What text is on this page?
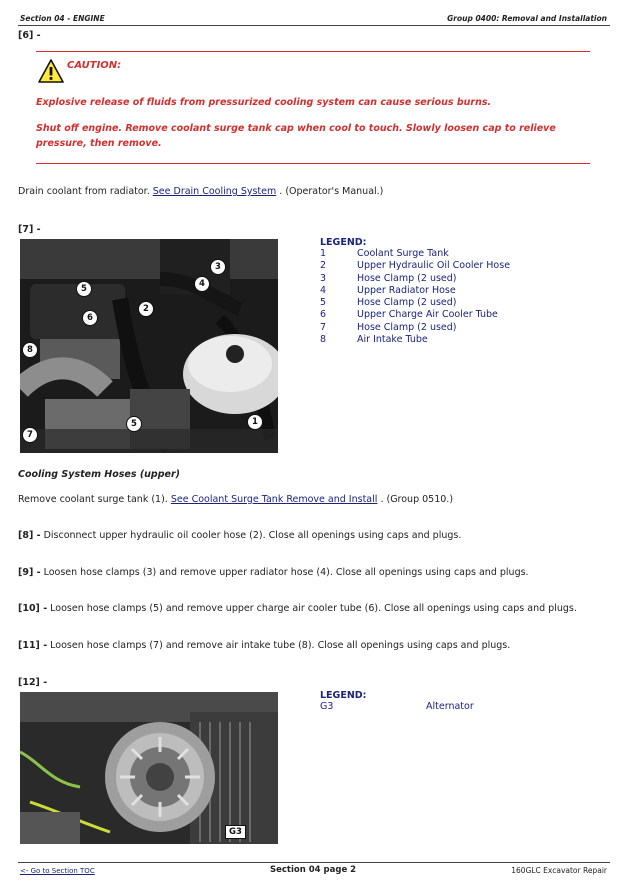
Section 04 - ENGINE	Group 0400: Removal and Installation
[6] -
CAUTION:
Explosive release of fluids from pressurized cooling system can cause serious burns.
Shut off engine. Remove coolant surge tank cap when cool to touch. Slowly loosen cap to relieve pressure, then remove.
Drain coolant from radiator. See Drain Cooling System . (Operator's Manual.)
[7] -
3
5	4
2
6
8
5	1
7
LEGEND:
1	Coolant Surge Tank
2	Upper Hydraulic Oil Cooler Hose
3	Hose Clamp (2 used)
4	Upper Radiator Hose
5	Hose Clamp (2 used)
6	Upper Charge Air Cooler Tube
7	Hose Clamp (2 used)
8	Air Intake Tube
Cooling System Hoses (upper)
Remove coolant surge tank (1). See Coolant Surge Tank Remove and Install . (Group 0510.)
[8] - Disconnect upper hydraulic oil cooler hose (2). Close all openings using caps and plugs.
[9] - Loosen hose clamps (3) and remove upper radiator hose (4). Close all openings using caps and plugs.
[10] - Loosen hose clamps (5) and remove upper charge air cooler tube (6). Close all openings using caps and plugs.
[11] - Loosen hose clamps (7) and remove air intake tube (8). Close all openings using caps and plugs.
[12] -
G3
LEGEND:
G3	Alternator
<- Go to Section TOC	Section 04 page 2	160GLC Excavator Repair
